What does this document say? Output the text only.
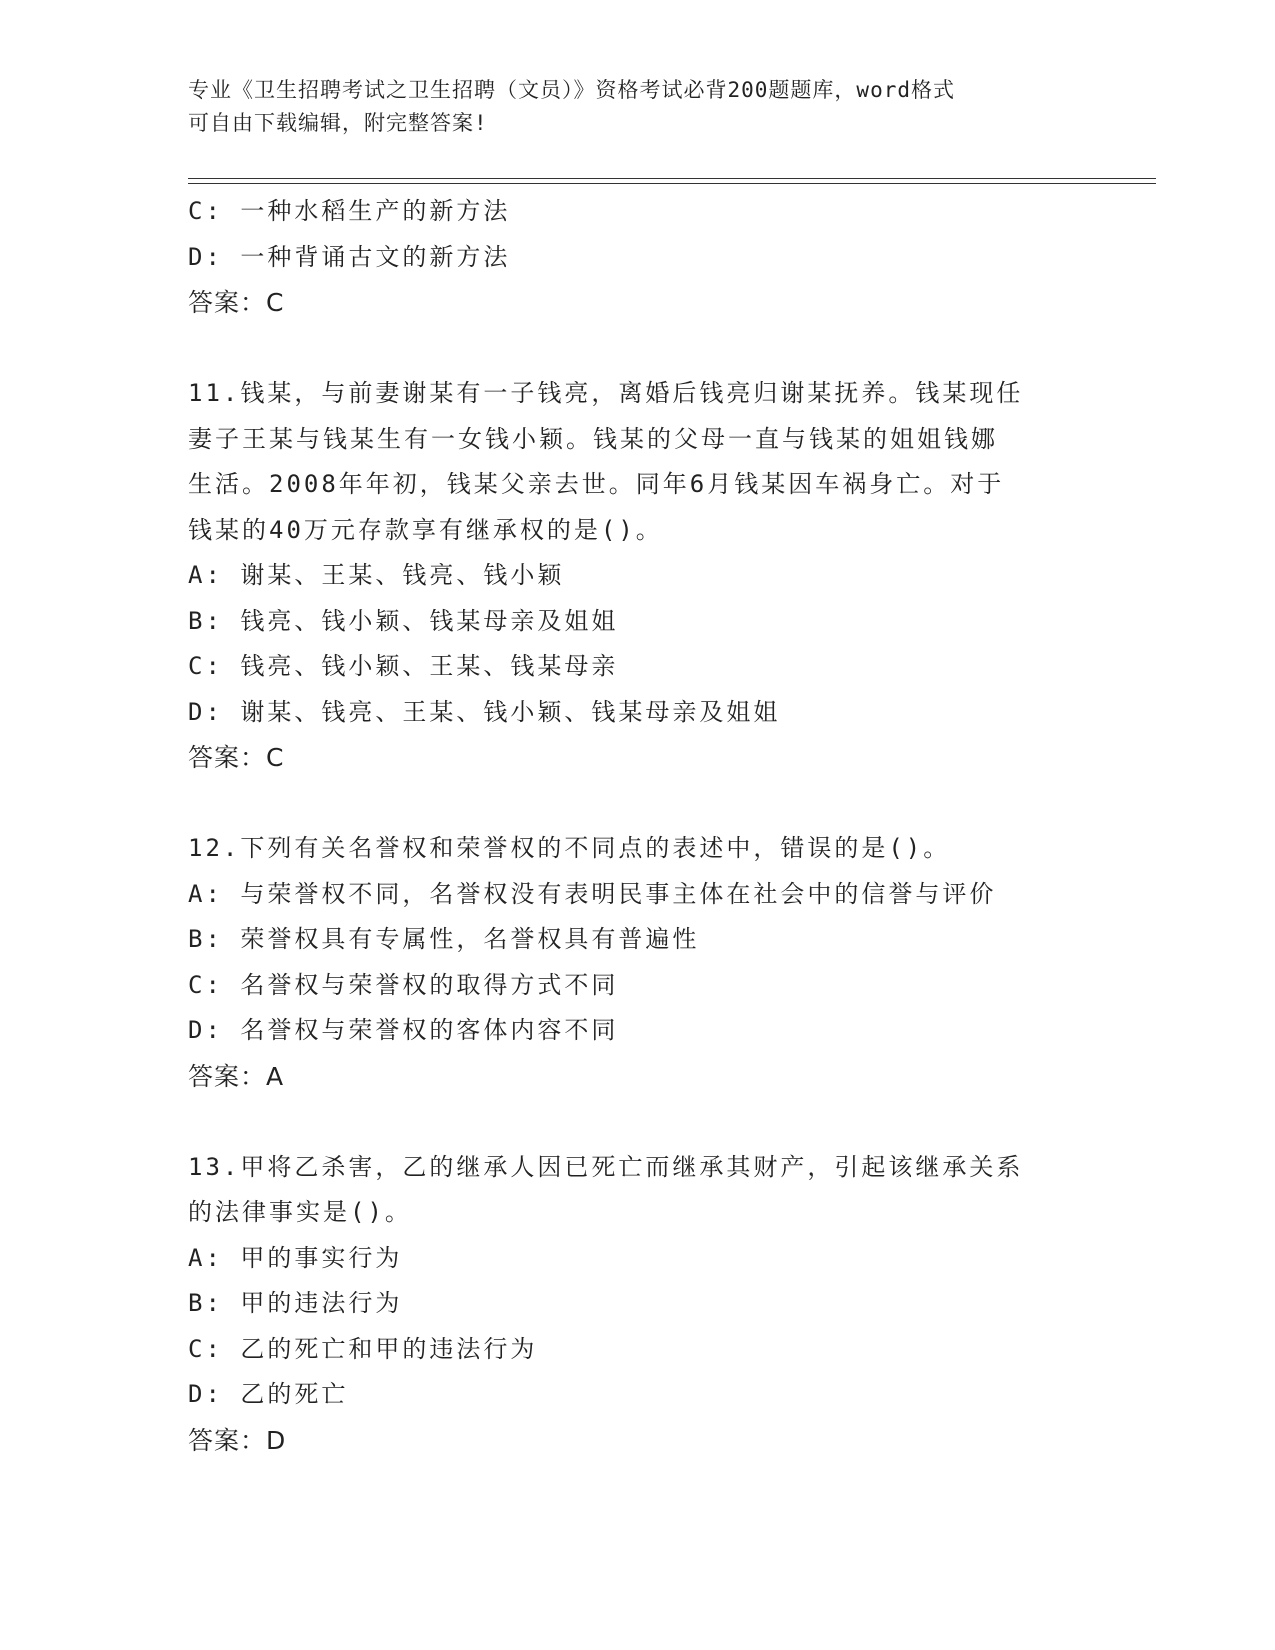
专业《卫生招聘考试之卫生招聘（文员）》资格考试必背200题题库，word格式
可自由下载编辑，附完整答案!
C: 一种水稻生产的新方法
D: 一种背诵古文的新方法
答案：C
11.钱某，与前妻谢某有一子钱亮，离婚后钱亮归谢某抚养。钱某现任
妻子王某与钱某生有一女钱小颖。钱某的父母一直与钱某的姐姐钱娜
生活。2008年年初，钱某父亲去世。同年6月钱某因车祸身亡。对于
钱某的40万元存款享有继承权的是()。
A: 谢某、王某、钱亮、钱小颖
B: 钱亮、钱小颖、钱某母亲及姐姐
C: 钱亮、钱小颖、王某、钱某母亲
D: 谢某、钱亮、王某、钱小颖、钱某母亲及姐姐
答案：C
12.下列有关名誉权和荣誉权的不同点的表述中，错误的是()。
A: 与荣誉权不同，名誉权没有表明民事主体在社会中的信誉与评价
B: 荣誉权具有专属性，名誉权具有普遍性
C: 名誉权与荣誉权的取得方式不同
D: 名誉权与荣誉权的客体内容不同
答案：A
13.甲将乙杀害，乙的继承人因已死亡而继承其财产，引起该继承关系
的法律事实是()。
A: 甲的事实行为
B: 甲的违法行为
C: 乙的死亡和甲的违法行为
D: 乙的死亡
答案：D
